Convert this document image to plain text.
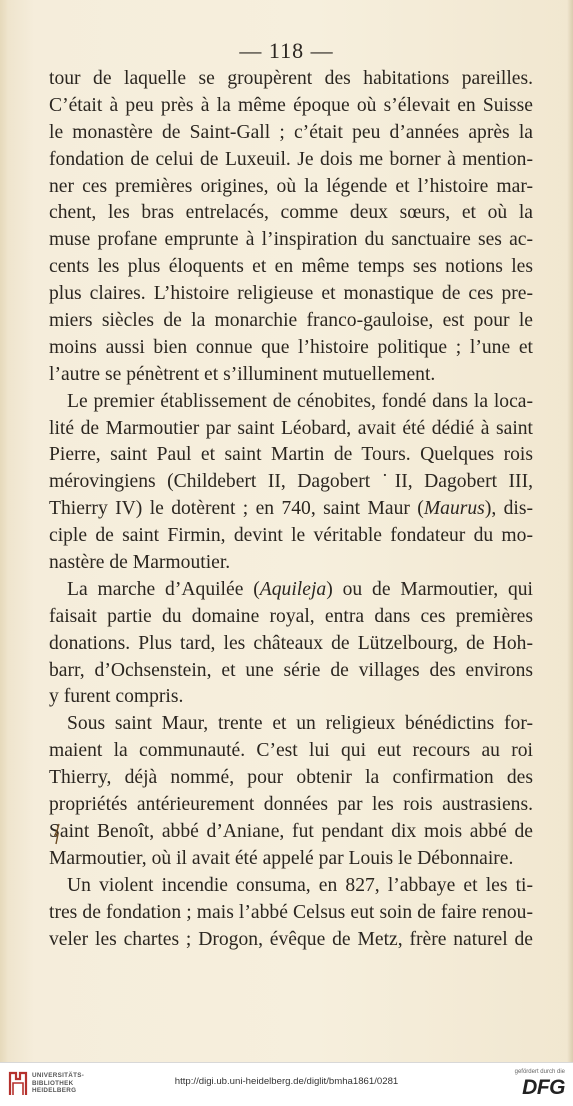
— 118 —
tour de laquelle se groupèrent des habitations pareilles.
C’était à peu près à la même époque où s’élevait en Suisse
le monastère de Saint-Gall ; c’était peu d’années après la
fondation de celui de Luxeuil. Je dois me borner à mention-
ner ces premières origines, où la légende et l’histoire mar-
chent, les bras entrelacés, comme deux sœurs, et où la
muse profane emprunte à l’inspiration du sanctuaire ses ac-
cents les plus éloquents et en même temps ses notions les
plus claires. L’histoire religieuse et monastique de ces pre-
miers siècles de la monarchie franco-gauloise, est pour le
moins aussi bien connue que l’histoire politique ; l’une et
l’autre se pénètrent et s’illuminent mutuellement.
Le premier établissement de cénobites, fondé dans la loca-
lité de Marmoutier par saint Léobard, avait été dédié à saint
Pierre, saint Paul et saint Martin de Tours. Quelques rois
mérovingiens (Childebert II, Dagobert ˙II, Dagobert III,
Thierry IV) le dotèrent ; en 740, saint Maur (Maurus), dis-
ciple de saint Firmin, devint le véritable fondateur du mo-
nastère de Marmoutier.
La marche d’Aquilée (Aquileja) ou de Marmoutier, qui
faisait partie du domaine royal, entra dans ces premières
donations. Plus tard, les châteaux de Lützelbourg, de Hoh-
barr, d’Ochsenstein, et une série de villages des environs
y furent compris.
Sous saint Maur, trente et un religieux bénédictins for-
maient la communauté. C’est lui qui eut recours au roi
Thierry, déjà nommé, pour obtenir la confirmation des
propriétés antérieurement données par les rois austrasiens.
Saint Benoît, abbé d’Aniane, fut pendant dix mois abbé de
Marmoutier, où il avait été appelé par Louis le Débonnaire.
Un violent incendie consuma, en 827, l’abbaye et les ti-
tres de fondation ; mais l’abbé Celsus eut soin de faire renou-
veler les chartes ; Drogon, évêque de Metz, frère naturel de
UNIVERSITÄTS-
BIBLIOTHEK
HEIDELBERG
http://digi.ub.uni-heidelberg.de/diglit/bmha1861/0281
gefördert durch die
DFG
